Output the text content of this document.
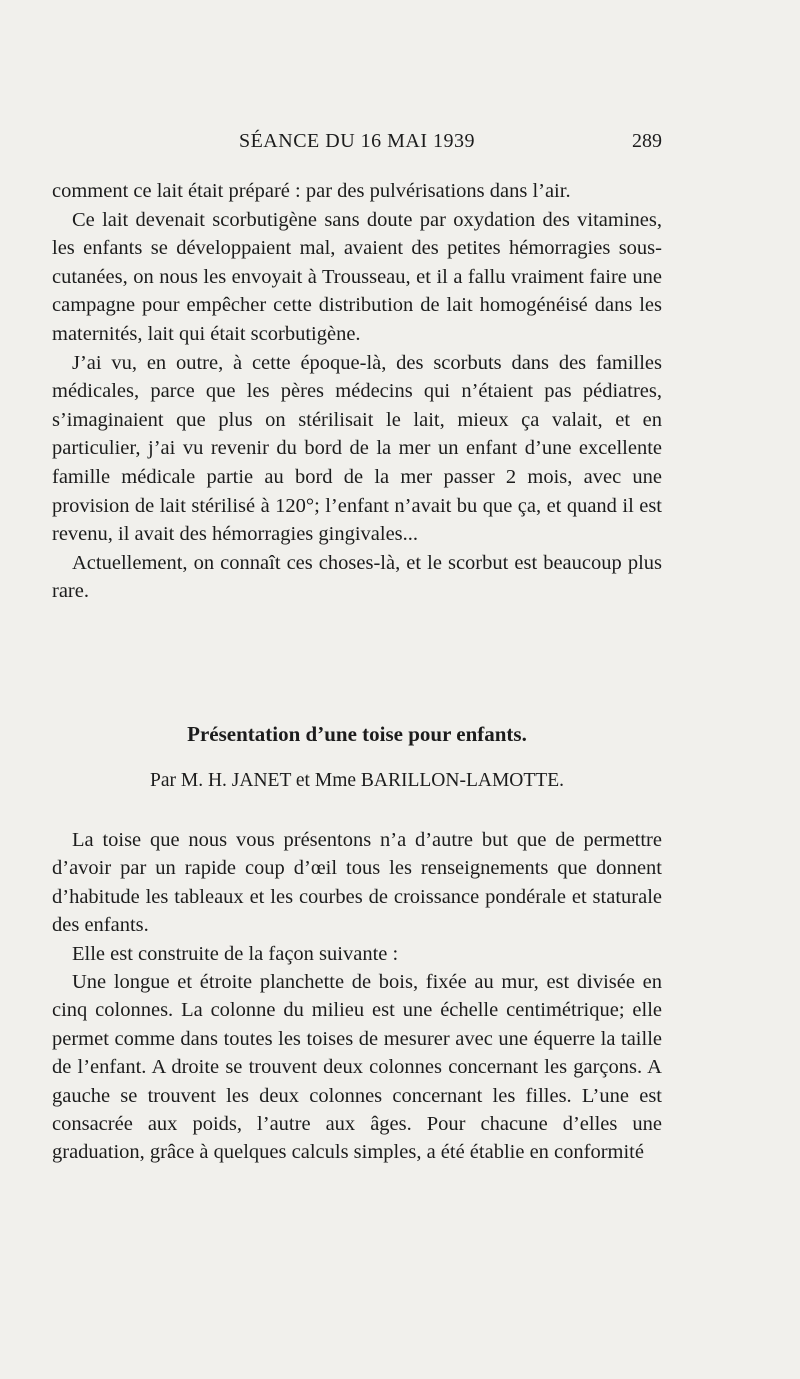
SÉANCE DU 16 MAI 1939	289

comment ce lait était préparé : par des pulvérisations dans l’air.

Ce lait devenait scorbutigène sans doute par oxydation des vitamines, les enfants se développaient mal, avaient des petites hémorragies sous-cutanées, on nous les envoyait à Trousseau, et il a fallu vraiment faire une campagne pour empêcher cette distribution de lait homogénéisé dans les maternités, lait qui était scorbutigène.

J’ai vu, en outre, à cette époque-là, des scorbuts dans des familles médicales, parce que les pères médecins qui n’étaient pas pédiatres, s’imaginaient que plus on stérilisait le lait, mieux ça valait, et en particulier, j’ai vu revenir du bord de la mer un enfant d’une excellente famille médicale partie au bord de la mer passer 2 mois, avec une provision de lait stérilisé à 120°; l’enfant n’avait bu que ça, et quand il est revenu, il avait des hémorragies gingivales...

Actuellement, on connaît ces choses-là, et le scorbut est beaucoup plus rare.

Présentation d’une toise pour enfants.
Par M. H. JANET et Mme BARILLON-LAMOTTE.

La toise que nous vous présentons n’a d’autre but que de permettre d’avoir par un rapide coup d’œil tous les renseignements que donnent d’habitude les tableaux et les courbes de croissance pondérale et staturale des enfants.

Elle est construite de la façon suivante :

Une longue et étroite planchette de bois, fixée au mur, est divisée en cinq colonnes. La colonne du milieu est une échelle centimétrique; elle permet comme dans toutes les toises de mesurer avec une équerre la taille de l’enfant. A droite se trouvent deux colonnes concernant les garçons. A gauche se trouvent les deux colonnes concernant les filles. L’une est consacrée aux poids, l’autre aux âges. Pour chacune d’elles une graduation, grâce à quelques calculs simples, a été établie en conformité
